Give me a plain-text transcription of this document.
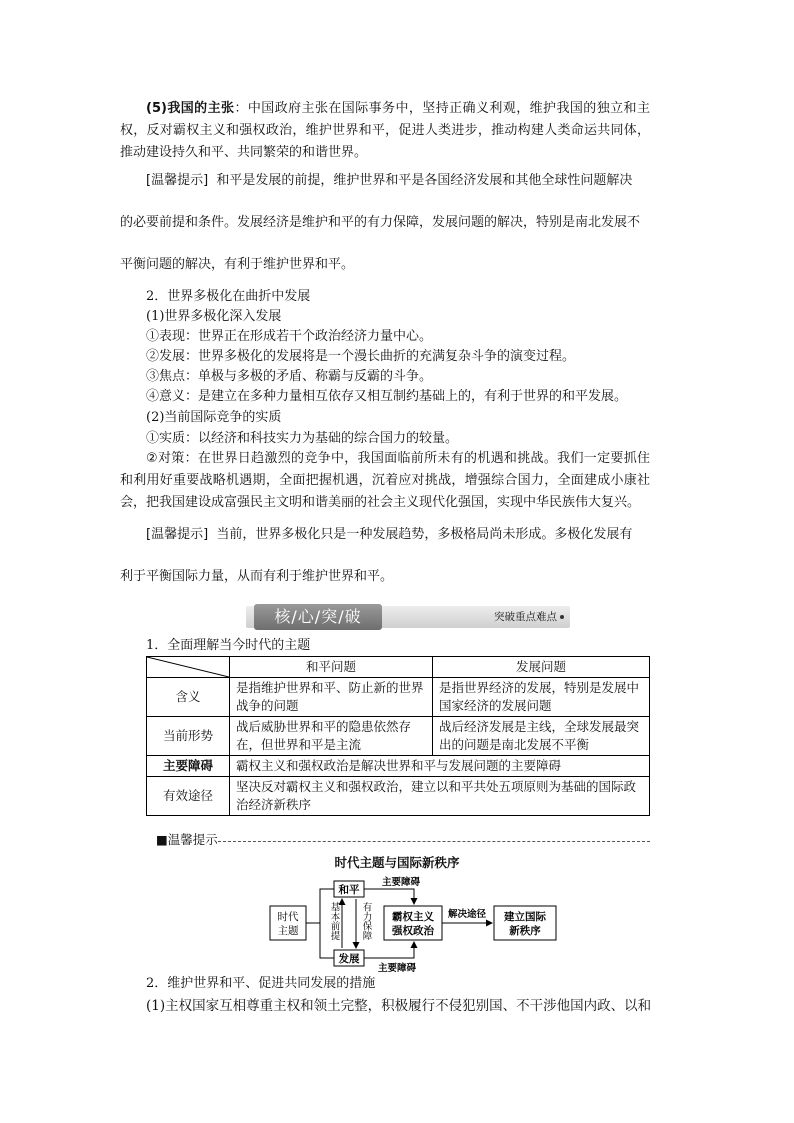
(5)我国的主张：中国政府主张在国际事务中，坚持正确义利观，维护我国的独立和主权，反对霸权主义和强权政治，维护世界和平，促进人类进步，推动构建人类命运共同体，推动建设持久和平、共同繁荣的和谐世界。
[温馨提示] 和平是发展的前提，维护世界和平是各国经济发展和其他全球性问题解决
的必要前提和条件。发展经济是维护和平的有力保障，发展问题的解决，特别是南北发展不
平衡问题的解决，有利于维护世界和平。
2．世界多极化在曲折中发展
(1)世界多极化深入发展
①表现：世界正在形成若干个政治经济力量中心。
②发展：世界多极化的发展将是一个漫长曲折的充满复杂斗争的演变过程。
③焦点：单极与多极的矛盾、称霸与反霸的斗争。
④意义：是建立在多种力量相互依存又相互制约基础上的，有利于世界的和平发展。
(2)当前国际竞争的实质
①实质：以经济和科技实力为基础的综合国力的较量。
②对策：在世界日趋激烈的竞争中，我国面临前所未有的机遇和挑战。我们一定要抓住和利用好重要战略机遇期，全面把握机遇，沉着应对挑战，增强综合国力，全面建成小康社会，把我国建设成富强民主文明和谐美丽的社会主义现代化强国，实现中华民族伟大复兴。
[温馨提示] 当前，世界多极化只是一种发展趋势，多极格局尚未形成。多极化发展有
利于平衡国际力量，从而有利于维护世界和平。
核/心/突/破	突破重点难点
1．全面理解当今时代的主题
	和平问题	发展问题
含义	是指维护世界和平、防止新的世界战争的问题	是指世界经济的发展，特别是发展中国家经济的发展问题
当前形势	战后威胁世界和平的隐患依然存在，但世界和平是主流	战后经济发展是主线，全球发展最突出的问题是南北发展不平衡
主要障碍	霸权主义和强权政治是解决世界和平与发展问题的主要障碍	
有效途径	坚决反对霸权主义和强权政治，建立以和平共处五项原则为基础的国际政治经济新秩序	
■温馨提示
时代主题与国际新秩序
时代
主题
和平
发展
基本前提 有力保障
主要障碍
主要障碍
霸权主义
强权政治
解决途径 建立国际
新秩序
2．维护世界和平、促进共同发展的措施
(1)主权国家互相尊重主权和领土完整，积极履行不侵犯别国、不干涉他国内政、以和
